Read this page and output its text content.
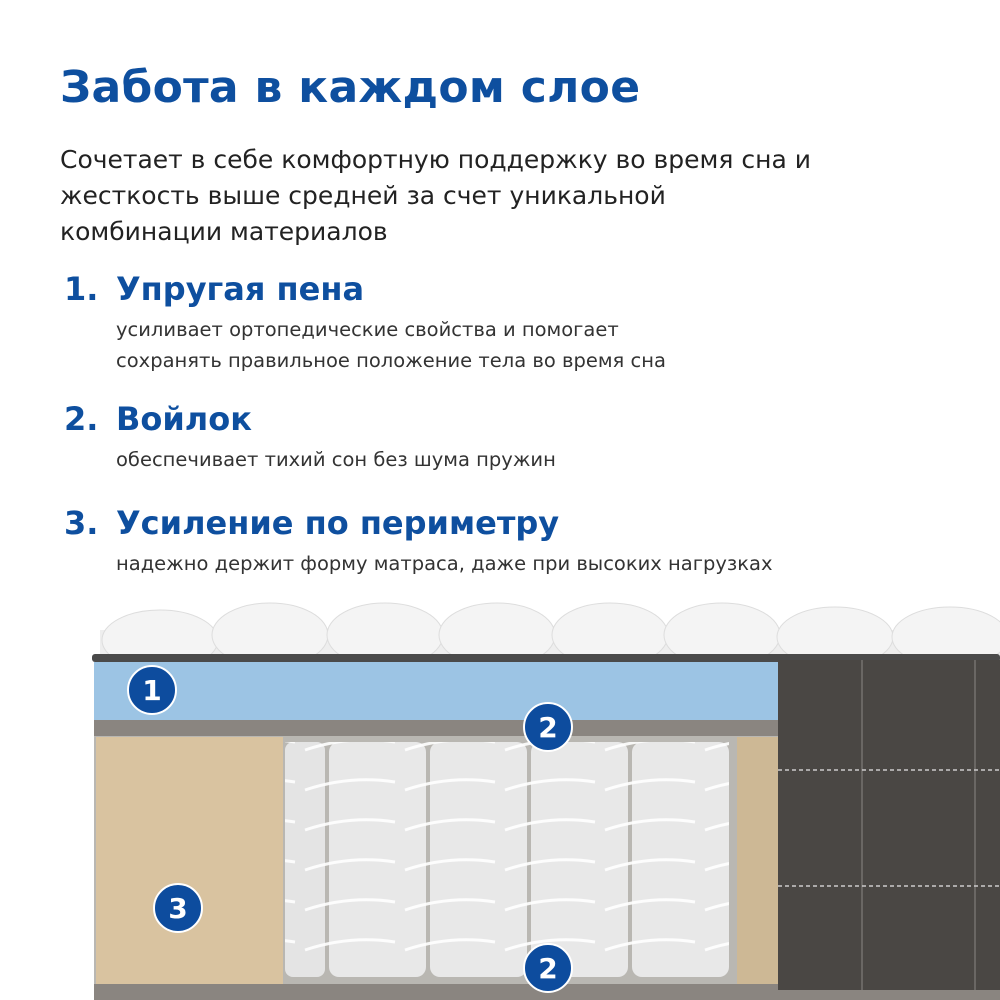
Забота в каждом слое
Сочетает в себе комфортную поддержку во время сна и
жесткость выше средней за счет уникальной
комбинации материалов
1. Упругая пена
усиливает ортопедические свойства и помогает
сохранять правильное положение тела во время сна
2. Войлок
обеспечивает тихий сон без шума пружин
3. Усиление по периметру
надежно держит форму матраса, даже при высоких нагрузках
1
2
3
2
